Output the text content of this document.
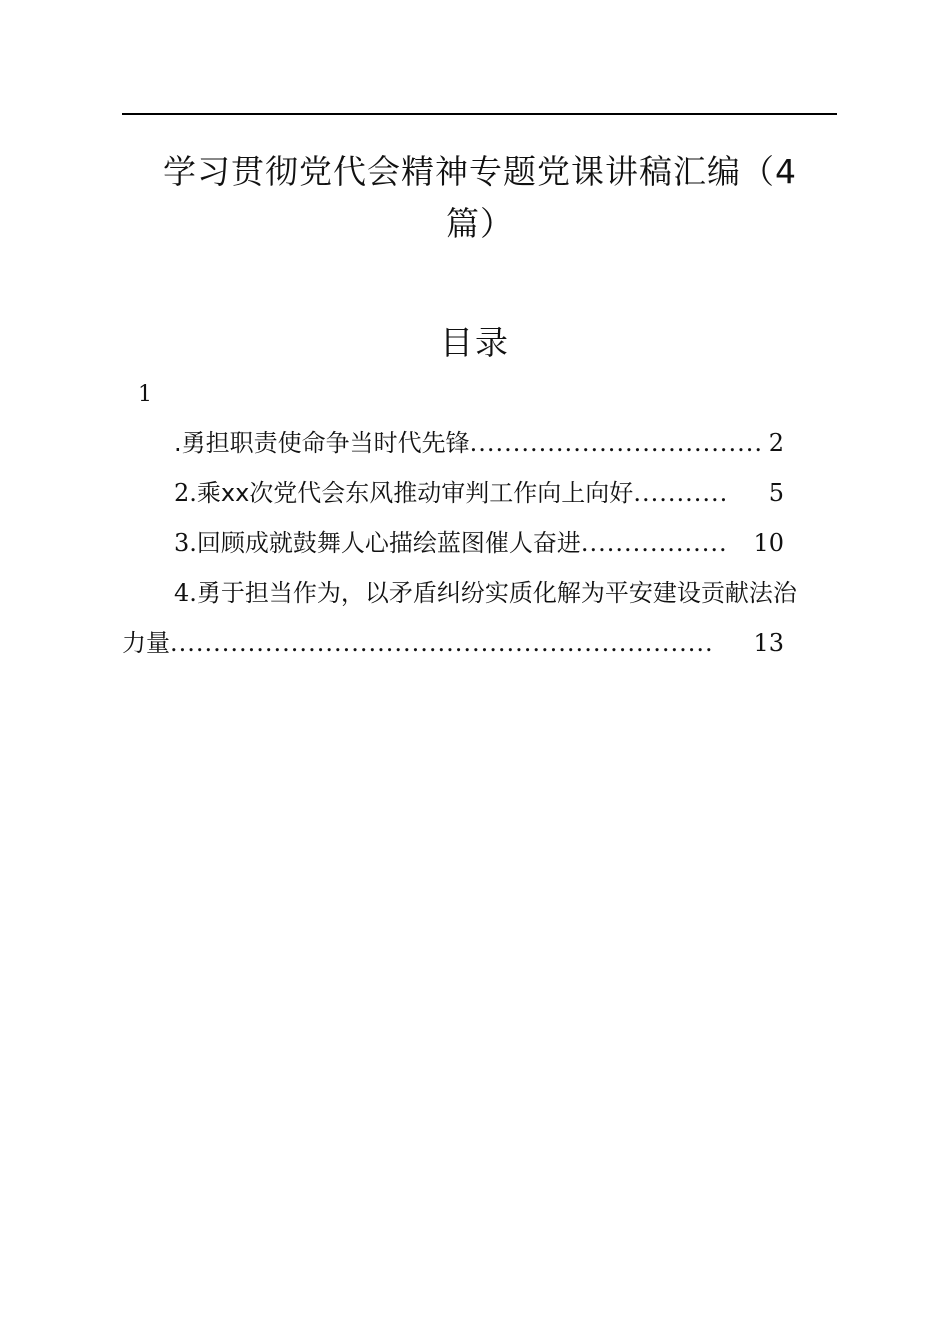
学习贯彻党代会精神专题党课讲稿汇编（4篇）
目录
1
.勇担职责使命争当时代先锋 .................................. 2
2. 乘xx次党代会东风推动审判工作向上向好 ...........	5
3. 回顾成就鼓舞人心描绘蓝图催人奋进 .................	10
4. 勇于担当作为，以矛盾纠纷实质化解为平安建设贡献法治
力量 ...............................................................	13
